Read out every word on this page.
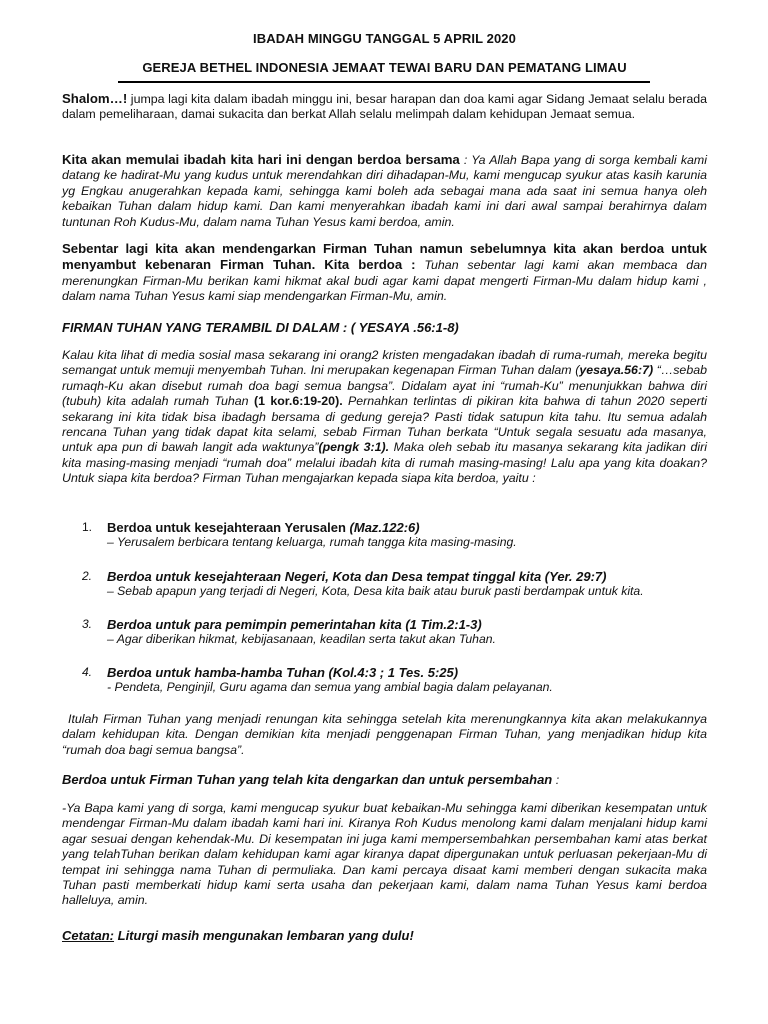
IBADAH MINGGU TANGGAL 5 APRIL 2020
GEREJA BETHEL INDONESIA JEMAAT TEWAI BARU DAN PEMATANG LIMAU
Shalom…! jumpa lagi kita dalam ibadah minggu ini, besar harapan dan doa kami agar Sidang Jemaat selalu berada dalam pemeliharaan, damai sukacita dan berkat Allah selalu melimpah dalam kehidupan Jemaat semua.
Kita akan memulai ibadah kita hari ini dengan berdoa bersama : Ya Allah Bapa yang di sorga kembali kami datang ke hadirat-Mu yang kudus untuk merendahkan diri dihadapan-Mu, kami mengucap syukur atas kasih karunia yg Engkau anugerahkan kepada kami, sehingga kami boleh ada sebagai mana ada saat ini semua hanya oleh kebaikan Tuhan dalam hidup kami. Dan kami menyerahkan ibadah kami ini dari awal sampai berahirnya dalam tuntunan Roh Kudus-Mu, dalam nama Tuhan Yesus kami berdoa, amin.
Sebentar lagi kita akan mendengarkan Firman Tuhan namun sebelumnya kita akan berdoa untuk menyambut kebenaran Firman Tuhan. Kita berdoa : Tuhan sebentar lagi kami akan membaca dan merenungkan Firman-Mu berikan kami hikmat akal budi agar kami dapat mengerti Firman-Mu dalam hidup kami , dalam nama Tuhan Yesus kami siap mendengarkan Firman-Mu, amin.
FIRMAN TUHAN YANG TERAMBIL DI DALAM : ( YESAYA .56:1-8)
Kalau kita lihat di media sosial masa sekarang ini orang2 kristen mengadakan ibadah di ruma-rumah, mereka begitu semangat untuk memuji menyembah Tuhan. Ini merupakan kegenapan Firman Tuhan dalam (yesaya.56:7) “…sebab rumaqh-Ku akan disebut rumah doa bagi semua bangsa”. Didalam ayat ini “rumah-Ku” menunjukkan bahwa diri (tubuh) kita adalah rumah Tuhan (1 kor.6:19-20). Pernahkan terlintas di pikiran kita bahwa di tahun 2020 seperti sekarang ini kita tidak bisa ibadagh bersama di gedung gereja? Pasti tidak satupun kita tahu. Itu semua adalah rencana Tuhan yang tidak dapat kita selami, sebab Firman Tuhan berkata “Untuk segala sesuatu ada masanya, untuk apa pun di bawah langit ada waktunya”(pengk 3:1). Maka oleh sebab itu masanya sekarang kita jadikan diri kita masing-masing menjadi “rumah doa” melalui ibadah kita di rumah masing-masing! Lalu apa yang kita doakan? Untuk siapa kita berdoa? Firman Tuhan mengajarkan kepada siapa kita berdoa, yaitu :
1.	Berdoa untuk kesejahteraan Yerusalen (Maz.122:6)
– Yerusalem berbicara tentang keluarga, rumah tangga kita masing-masing.
2.	Berdoa untuk kesejahteraan Negeri, Kota dan Desa tempat tinggal kita (Yer. 29:7)
– Sebab apapun yang terjadi di Negeri, Kota, Desa kita baik atau buruk pasti berdampak untuk kita.
3.	Berdoa untuk para pemimpin pemerintahan kita (1 Tim.2:1-3)
– Agar diberikan hikmat, kebijasanaan, keadilan serta takut akan Tuhan.
4.	Berdoa untuk hamba-hamba Tuhan (Kol.4:3 ; 1 Tes. 5:25)
- Pendeta, Penginjil, Guru agama dan semua yang ambial bagia dalam pelayanan.
Itulah Firman Tuhan yang menjadi renungan kita sehingga setelah kita merenungkannya kita akan melakukannya dalam kehidupan kita. Dengan demikian kita menjadi penggenapan Firman Tuhan, yang menjadikan hidup kita “rumah doa bagi semua bangsa”.
Berdoa untuk Firman Tuhan yang telah kita dengarkan dan untuk persembahan :
-Ya Bapa kami yang di sorga, kami mengucap syukur buat kebaikan-Mu sehingga kami diberikan kesempatan untuk mendengar Firman-Mu dalam ibadah kami hari ini. Kiranya Roh Kudus menolong kami dalam menjalani hidup kami agar sesuai dengan kehendak-Mu. Di kesempatan ini juga kami mempersembahkan persembahan kami atas berkat yang telahTuhan berikan dalam kehidupan kami agar kiranya dapat dipergunakan untuk perluasan pekerjaan-Mu di tempat ini sehingga nama Tuhan di permuliaka. Dan kami percaya disaat kami memberi dengan sukacita maka Tuhan pasti memberkati hidup kami serta usaha dan pekerjaan kami, dalam nama Tuhan Yesus kami berdoa halleluya, amin.
Cetatan: Liturgi masih mengunakan lembaran yang dulu!
